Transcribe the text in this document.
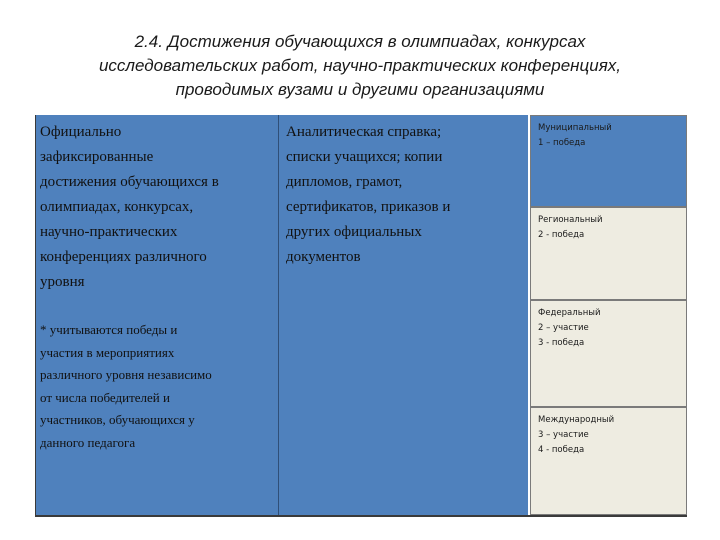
2.4. Достижения обучающихся в олимпиадах, конкурсах
исследовательских работ, научно-практических конференциях,
проводимых вузами и другими организациями
Официально
зафиксированные
достижения обучающихся в
олимпиадах, конкурсах,
научно-практических
конференциях различного
уровня
* учитываются победы и
участия в мероприятиях
различного уровня независимо
от числа победителей и
участников, обучающихся у
данного педагога
Аналитическая справка;
списки учащихся; копии
дипломов, грамот,
сертификатов, приказов и
других официальных
документов
Муниципальный
1 – победа
Региональный
2 - победа
Федеральный
2 – участие
3 - победа
Международный
3 – участие
4 - победа
